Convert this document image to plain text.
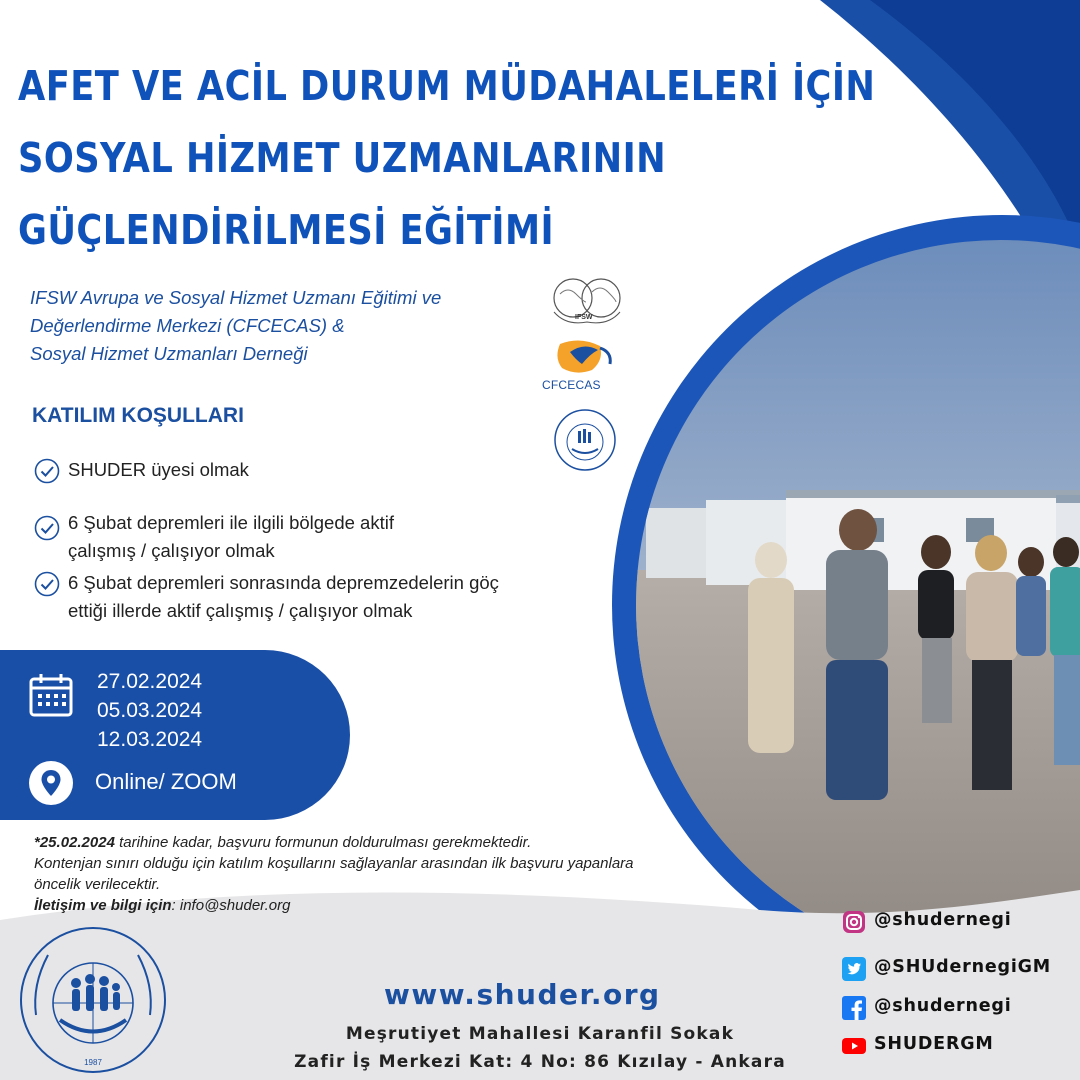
AFET VE ACİL DURUM MÜDAHALELERİ İÇİN
SOSYAL HİZMET UZMANLARININ
GÜÇLENDİRİLMESİ EĞİTİMİ
IFSW Avrupa ve Sosyal Hizmet Uzmanı Eğitimi ve
Değerlendirme Merkezi (CFCECAS) &
Sosyal Hizmet Uzmanları Derneği
IFSW
CFCECAS
KATILIM KOŞULLARI
SHUDER üyesi olmak
6 Şubat depremleri ile ilgili bölgede aktif
çalışmış / çalışıyor olmak
6 Şubat depremleri sonrasında depremzedelerin göç
ettiği illerde aktif çalışmış / çalışıyor olmak
27.02.2024
05.03.2024
12.03.2024
Online/ ZOOM
*25.02.2024 tarihine kadar, başvuru formunun doldurulması gerekmektedir.
Kontenjan sınırı olduğu için katılım koşullarını sağlayanlar arasından ilk başvuru yapanlara
öncelik verilecektir.
İletişim ve bilgi için: info@shuder.org
1987
www.shuder.org
Meşrutiyet Mahallesi Karanfil Sokak
Zafir İş Merkezi Kat: 4 No: 86 Kızılay - Ankara
@shudernegi
@SHUdernegiGM
@shudernegi
SHUDERGM
